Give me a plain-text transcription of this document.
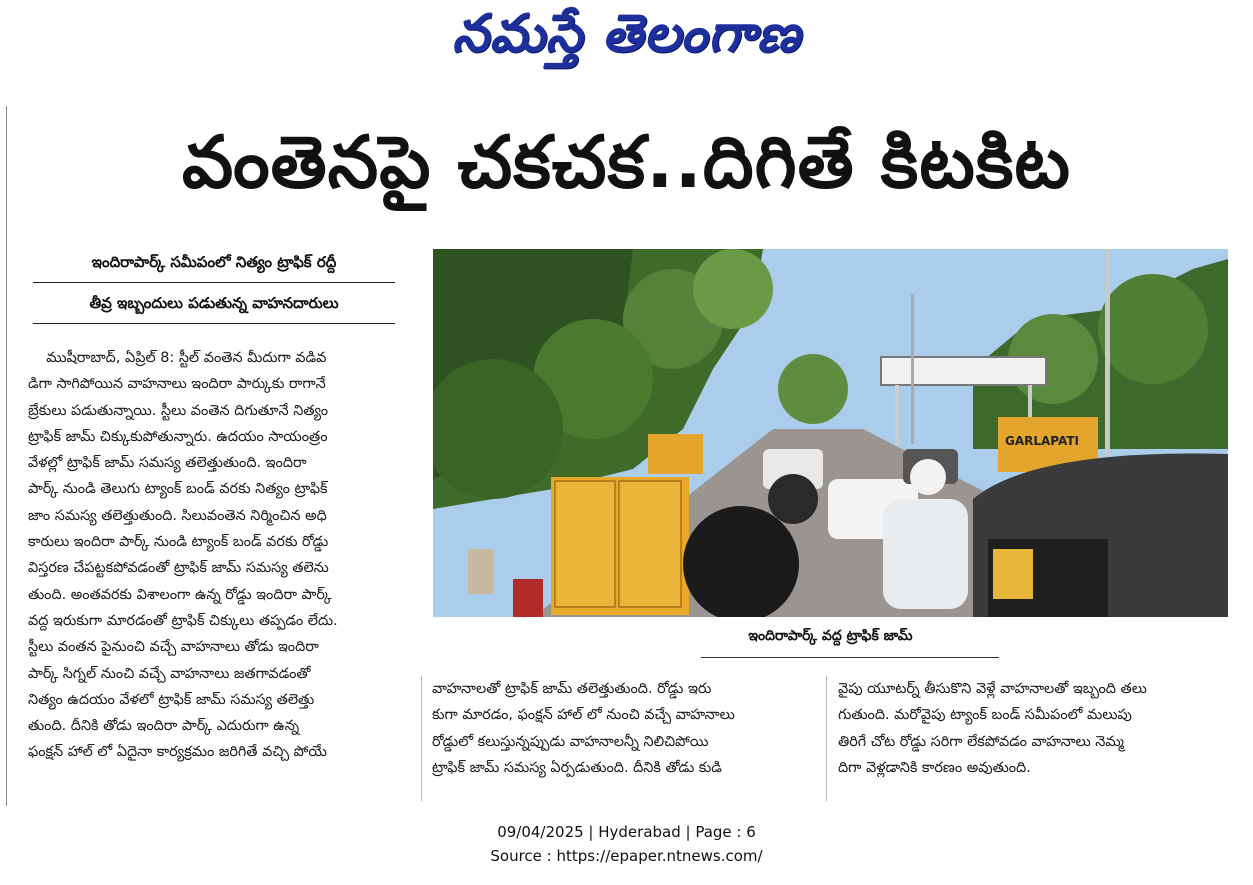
నమస్తే తెలంగాణ
వంతెనపై చకచక..దిగితే కిటకిట
ఇందిరాపార్క్‌ సమీపంలో నిత్యం ట్రాఫిక్‌ రద్దీ
తీవ్ర ఇబ్బందులు పడుతున్న వాహనదారులు
ముషీరాబాద్‌, ఏప్రిల్‌ 8: స్టీల్‌ వంతెన మీదుగా వడివ
డిగా సాగిపోయిన వాహనాలు ఇందిరా పార్కుకు రాగానే
బ్రేకులు పడుతున్నాయి. స్టీలు వంతెన దిగుతూనే నిత్యం
ట్రాఫిక్‌ జామ్‌ చిక్కుకుపోతున్నారు. ఉదయం సాయంత్రం
వేళల్లో ట్రాఫిక్‌ జామ్‌ సమస్య తలెత్తుతుంది. ఇందిరా
పార్క్‌ నుండి తెలుగు ట్యాంక్‌ బండ్‌ వరకు నిత్యం ట్రాఫిక్‌
జాం సమస్య తలెత్తుతుంది. సిలువంతెన నిర్మించిన అధి
కారులు ఇందిరా పార్క్‌ నుండి ట్యాంక్‌ బండ్‌ వరకు రోడ్డు
విస్తరణ చేపట్టకపోవడంతో ట్రాఫిక్‌ జామ్‌ సమస్య తలెను
తుంది. అంతవరకు విశాలంగా ఉన్న రోడ్డు ఇందిరా పార్క్‌
వద్ద ఇరుకుగా మారడంతో ట్రాఫిక్‌ చిక్కులు తప్పడం లేదు.
స్టీలు వంతన పైనుంచి వచ్చే వాహనాలు తోడు ఇందిరా
పార్క్‌ సిగ్నల్‌ నుంచి వచ్చే వాహనాలు జతగావడంతో
నిత్యం ఉదయం వేళలో ట్రాఫిక్‌ జామ్‌ సమస్య తలెత్తు
తుంది. దీనికి తోడు ఇందిరా పార్క్‌ ఎదురుగా ఉన్న
ఫంక్షన్‌ హాల్‌ లో ఏదైనా కార్యక్రమం జరిగితే వచ్చి పోయే
GARLAPATI
ఇందిరాపార్క్‌ వద్ద ట్రాఫిక్‌ జామ్‌
వాహనాలతో ట్రాఫిక్‌ జామ్‌ తలెత్తుతుంది. రోడ్డు ఇరు
కుగా మారడం, ఫంక్షన్‌ హాల్‌ లో నుంచి వచ్చే వాహనాలు
రోడ్డులో కలుస్తున్నప్పుడు వాహనాలన్నీ నిలిచిపోయి
ట్రాఫిక్‌ జామ్‌ సమస్య ఏర్పడుతుంది. దీనికి తోడు కుడి
వైపు యూటర్న్‌ తీసుకొని వెళ్లే వాహనాలతో ఇబ్బంది తలు
గుతుంది. మరోవైపు ట్యాంక్‌ బండ్‌ సమీపంలో మలుపు
తిరిగే చోట రోడ్డు సరిగా లేకపోవడం వాహనాలు నెమ్మ
దిగా వెళ్లడానికి కారణం అవుతుంది.
09/04/2025 | Hyderabad | Page : 6
Source : https://epaper.ntnews.com/
